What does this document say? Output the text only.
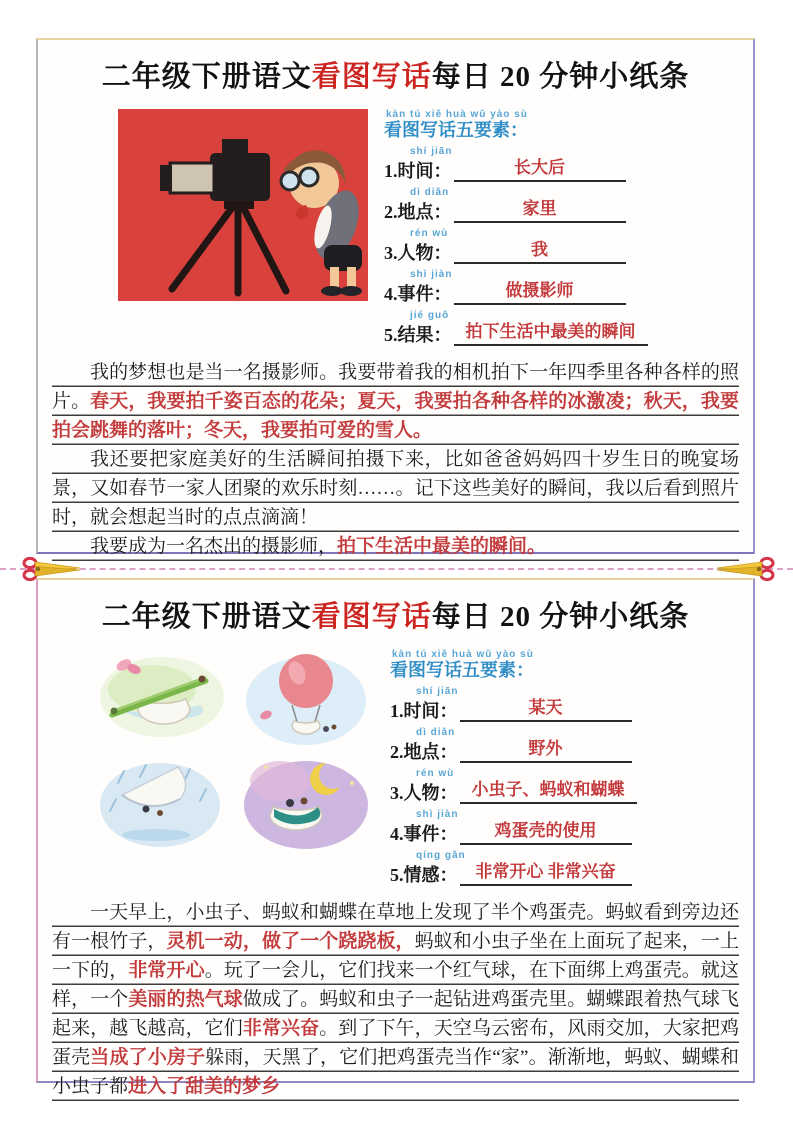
二年级下册语文看图写话每日 20 分钟小纸条
kàn tú xiě huà wǔ yào sù
看图写话五要素：
shí jiān
1.时间：	长大后
dì diǎn
2.地点：	家里
rén wù
3.人物：	我
shì jiàn
4.事件：	做摄影师
jié guǒ
5.结果： 拍下生活中最美的瞬间

我的梦想也是当一名摄影师。我要带着我的相机拍下一年四季里各种各样的照片。春天，我要拍千姿百态的花朵；夏天，我要拍各种各样的冰激凌；秋天，我要拍会跳舞的落叶；冬天，我要拍可爱的雪人。

我还要把家庭美好的生活瞬间拍摄下来，比如爸爸妈妈四十岁生日的晚宴场景，又如春节一家人团聚的欢乐时刻……。记下这些美好的瞬间，我以后看到照片时，就会想起当时的点点滴滴！

我要成为一名杰出的摄影师，拍下生活中最美的瞬间。

二年级下册语文看图写话每日 20 分钟小纸条
kàn tú xiě huà wǔ yào sù
看图写话五要素：
shí jiān
1.时间：	某天
dì diǎn
2.地点：	野外
rén wù
3.人物： 小虫子、蚂蚁和蝴蝶
shì jiàn
4.事件：	鸡蛋壳的使用
qíng gǎn
5.情感：	非常开心 非常兴奋

一天早上，小虫子、蚂蚁和蝴蝶在草地上发现了半个鸡蛋壳。蚂蚁看到旁边还有一根竹子，灵机一动，做了一个跷跷板，蚂蚁和小虫子坐在上面玩了起来，一上一下的，非常开心。玩了一会儿，它们找来一个红气球，在下面绑上鸡蛋壳。就这样，一个美丽的热气球做成了。蚂蚁和虫子一起钻进鸡蛋壳里。蝴蝶跟着热气球飞起来，越飞越高，它们非常兴奋。到了下午，天空乌云密布，风雨交加，大家把鸡蛋壳当成了小房子躲雨，天黑了，它们把鸡蛋壳当作“家”。渐渐地，蚂蚁、蝴蝶和小虫子都进入了甜美的梦乡
